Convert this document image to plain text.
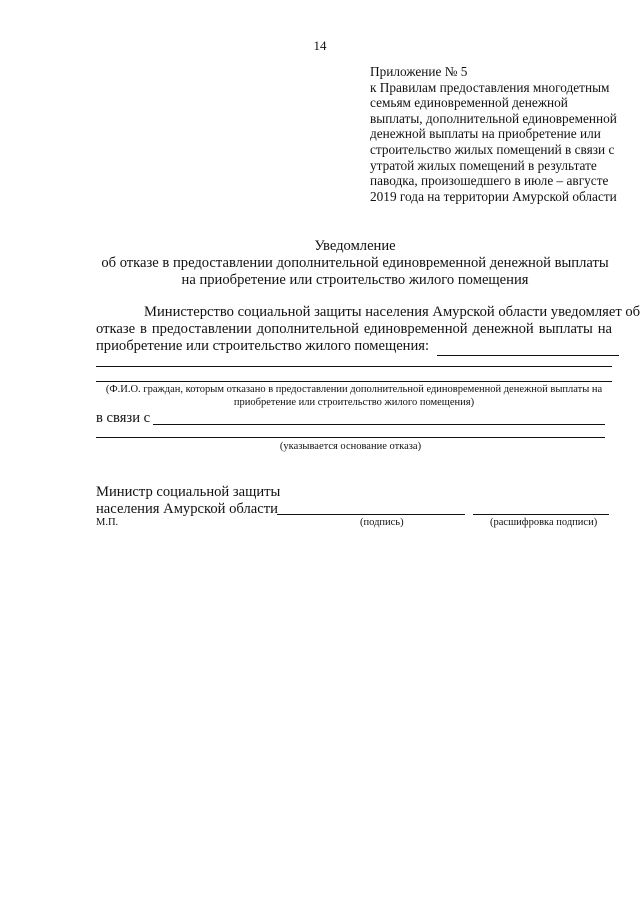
14
Приложение № 5
к Правилам предоставления многодетным
семьям единовременной денежной
выплаты, дополнительной единовременной
денежной выплаты на приобретение или
строительство жилых помещений в связи с
утратой жилых помещений в результате
паводка, произошедшего в июле – августе
2019 года на территории Амурской области
Уведомление
об отказе в предоставлении дополнительной единовременной денежной выплаты
на приобретение или строительство жилого помещения
Министерство социальной защиты населения Амурской области уведомляет об
отказе в предоставлении дополнительной единовременной денежной выплаты на
приобретение или строительство жилого помещения:
(Ф.И.О. граждан, которым отказано в предоставлении дополнительной единовременной денежной выплаты на
приобретение или строительство жилого помещения)
в связи с
(указывается основание отказа)
Министр социальной защиты
населения Амурской области
М.П.	(подпись)	(расшифровка подписи)
